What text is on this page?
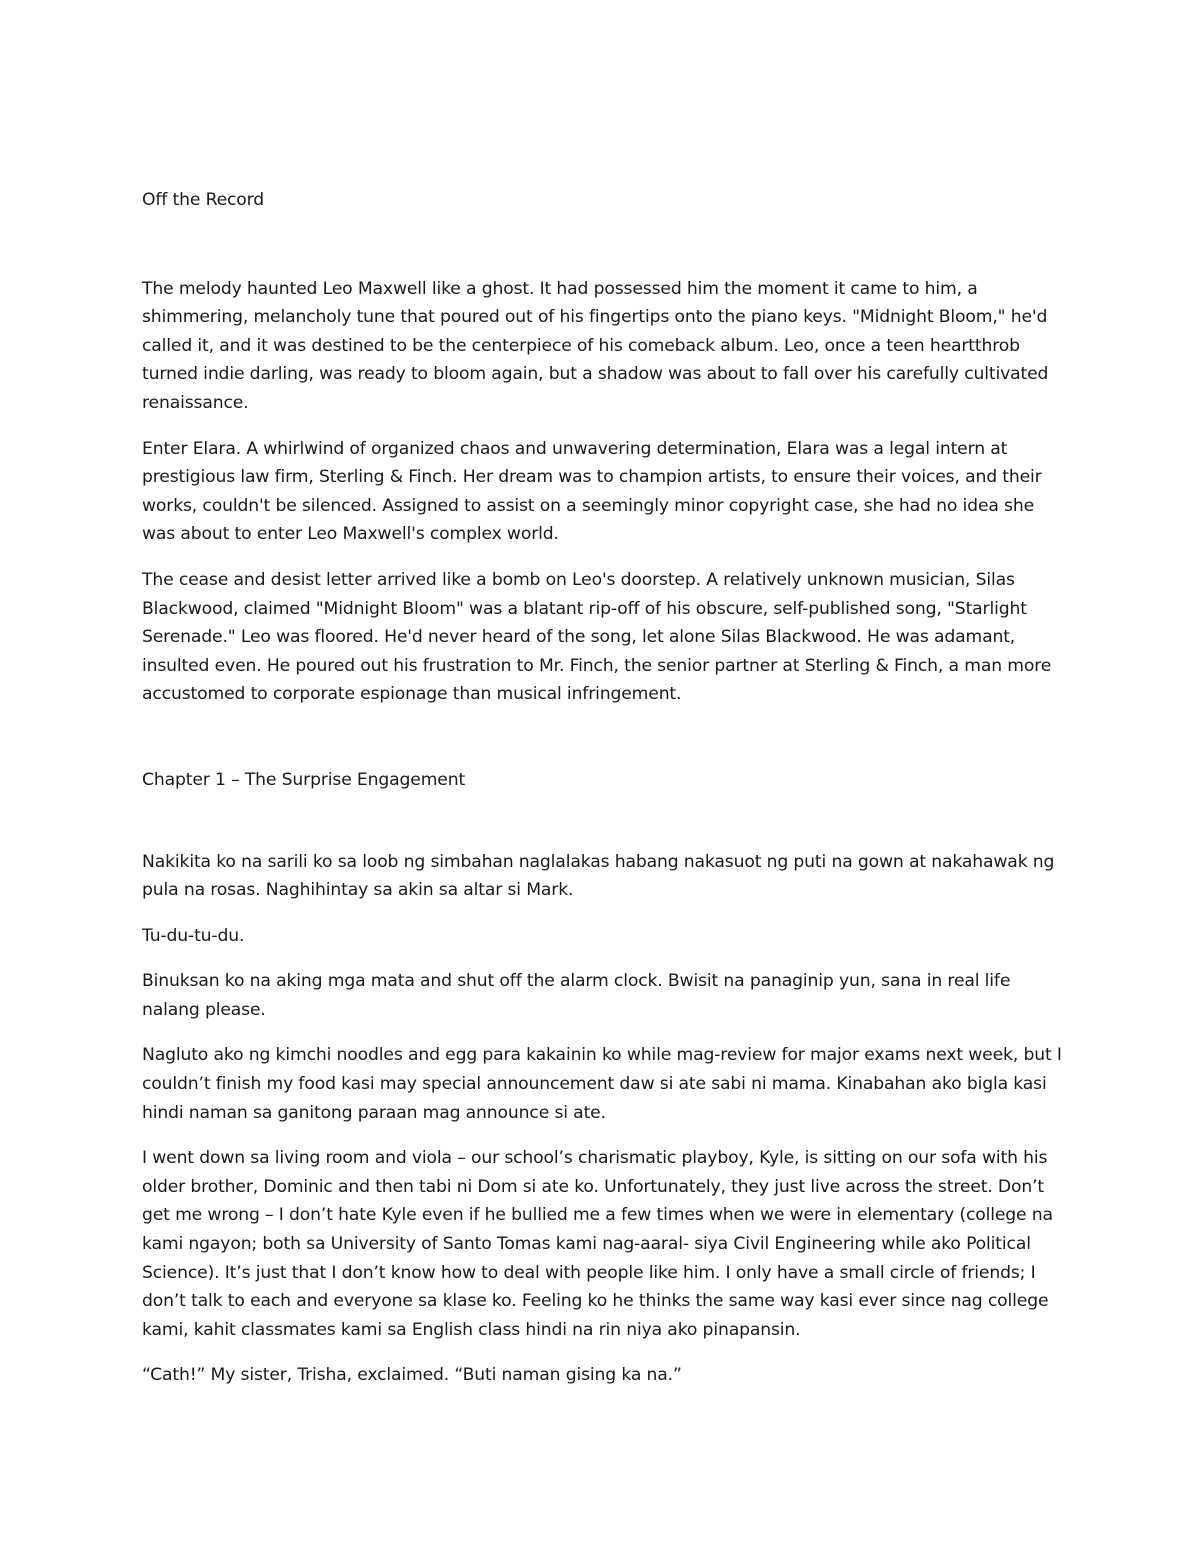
Off the Record

The melody haunted Leo Maxwell like a ghost. It had possessed him the moment it came to him, a shimmering, melancholy tune that poured out of his fingertips onto the piano keys. "Midnight Bloom," he'd called it, and it was destined to be the centerpiece of his comeback album. Leo, once a teen heartthrob turned indie darling, was ready to bloom again, but a shadow was about to fall over his carefully cultivated renaissance.

Enter Elara. A whirlwind of organized chaos and unwavering determination, Elara was a legal intern at prestigious law firm, Sterling & Finch. Her dream was to champion artists, to ensure their voices, and their works, couldn't be silenced. Assigned to assist on a seemingly minor copyright case, she had no idea she was about to enter Leo Maxwell's complex world.

The cease and desist letter arrived like a bomb on Leo's doorstep. A relatively unknown musician, Silas Blackwood, claimed "Midnight Bloom" was a blatant rip-off of his obscure, self-published song, "Starlight Serenade." Leo was floored. He'd never heard of the song, let alone Silas Blackwood. He was adamant, insulted even. He poured out his frustration to Mr. Finch, the senior partner at Sterling & Finch, a man more accustomed to corporate espionage than musical infringement.

Chapter 1 – The Surprise Engagement

Nakikita ko na sarili ko sa loob ng simbahan naglalakas habang nakasuot ng puti na gown at nakahawak ng pula na rosas. Naghihintay sa akin sa altar si Mark.

Tu-du-tu-du.

Binuksan ko na aking mga mata and shut off the alarm clock. Bwisit na panaginip yun, sana in real life nalang please.

Nagluto ako ng kimchi noodles and egg para kakainin ko while mag-review for major exams next week, but I couldn’t finish my food kasi may special announcement daw si ate sabi ni mama. Kinabahan ako bigla kasi hindi naman sa ganitong paraan mag announce si ate.

I went down sa living room and viola – our school’s charismatic playboy, Kyle, is sitting on our sofa with his older brother, Dominic and then tabi ni Dom si ate ko. Unfortunately, they just live across the street. Don’t get me wrong – I don’t hate Kyle even if he bullied me a few times when we were in elementary (college na kami ngayon; both sa University of Santo Tomas kami nag-aaral- siya Civil Engineering while ako Political Science). It’s just that I don’t know how to deal with people like him. I only have a small circle of friends; I don’t talk to each and everyone sa klase ko. Feeling ko he thinks the same way kasi ever since nag college kami, kahit classmates kami sa English class hindi na rin niya ako pinapansin.

“Cath!” My sister, Trisha, exclaimed. “Buti naman gising ka na.”
